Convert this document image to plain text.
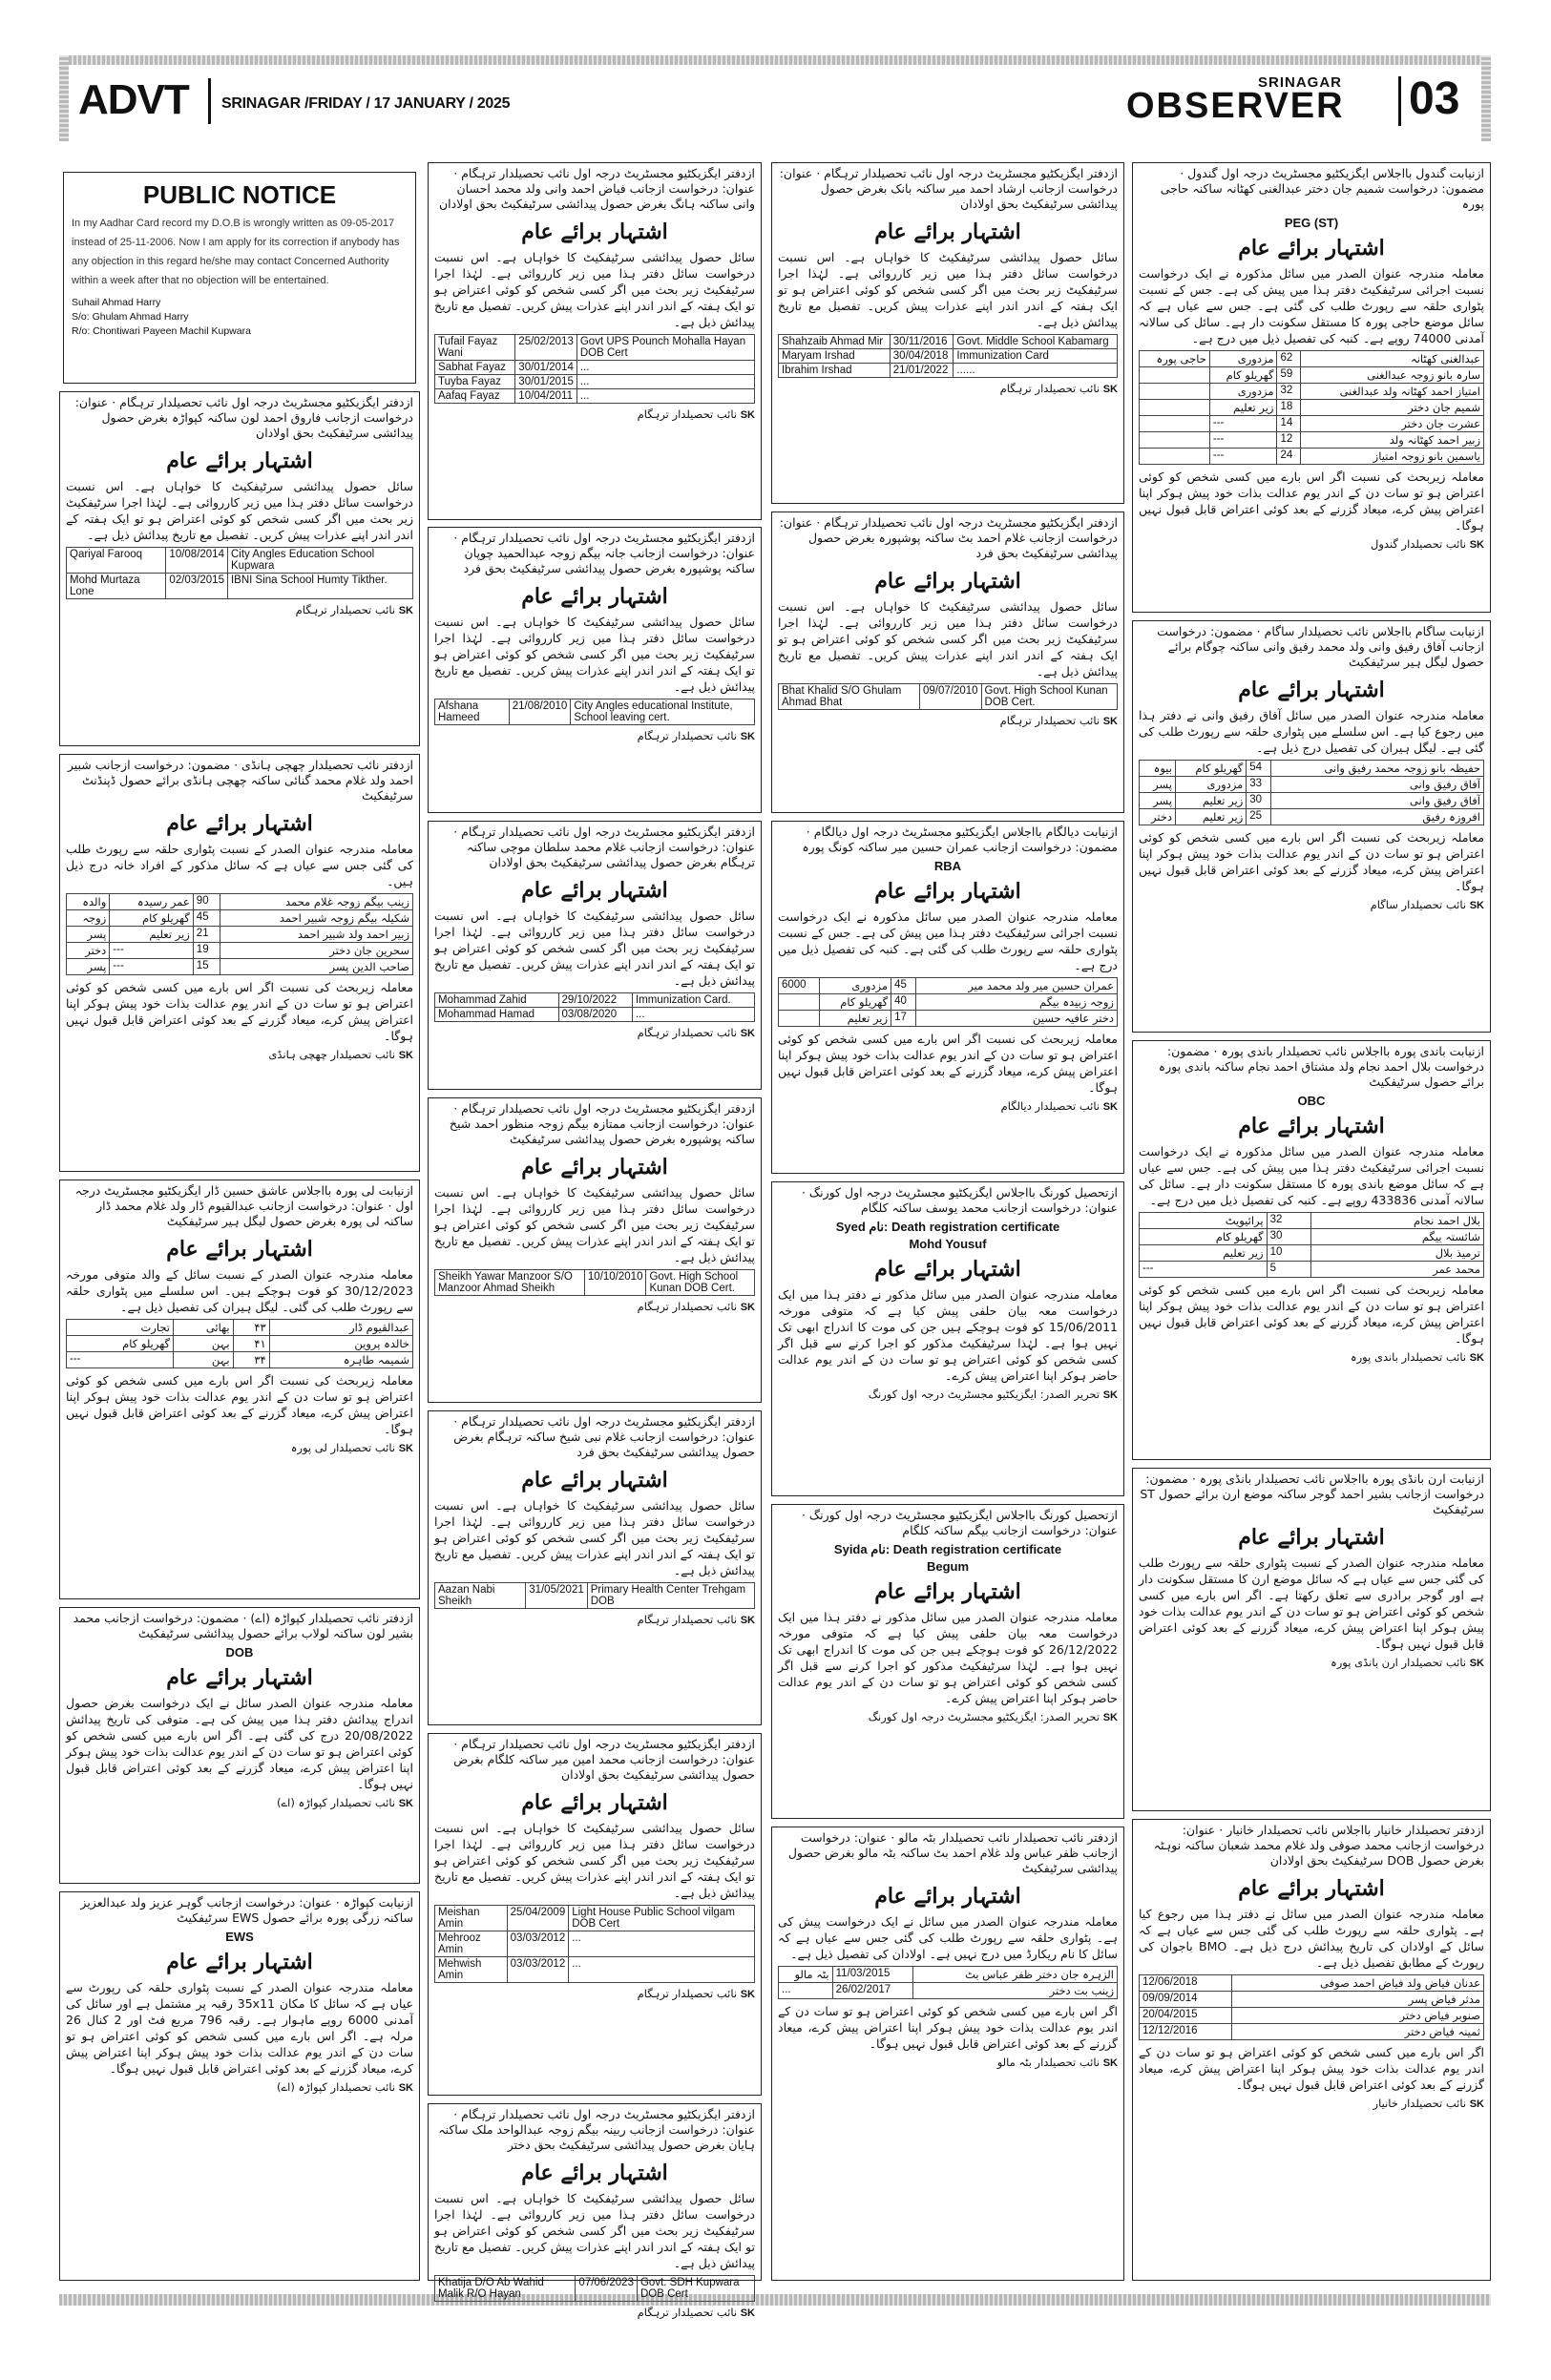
ADVT SRINAGAR /FRIDAY / 17 JANUARY / 2025
SRINAGAR
OBSERVER 03
PUBLIC NOTICE
In my Aadhar Card record my D.O.B is wrongly written as 09-05-2017 instead of 25-11-2006. Now I am apply for its correction if anybody has any objection in this regard he/she may contact Concerned Authority within a week after that no objection will be entertained.
Suhail Ahmad Harry
S/o: Ghulam Ahmad Harry
R/o: Chontiwari Payeen Machil Kupwara
ازدفتر ایگزیکٹیو مجسٹریٹ درجہ اول نائب تحصیلدار ترہگام · عنوان: درخواست ازجانب فاروق احمد لون ساکنہ کپواڑہ بغرض حصول پیدائشی سرٹیفکیٹ بحق اولادان
اشتہار برائے عام
سائل حصول پیدائشی سرٹیفکیٹ کا خواہاں ہے۔ اس نسبت درخواست سائل دفتر ہذا میں زیر کارروائی ہے۔ لہٰذا اجرا سرٹیفکیٹ زیر بحث میں اگر کسی شخص کو کوئی اعتراض ہو تو ایک ہفتہ کے اندر اندر اپنے عذرات پیش کریں۔ تفصیل مع تاریخ پیدائش ذیل ہے۔
Qariyal Farooq	10/08/2014	City Angles Education School Kupwara
Mohd Murtaza Lone	02/03/2015	IBNI Sina School Humty Tikther.
SK نائب تحصیلدار ترہگام
ازدفتر ایگزیکٹیو مجسٹریٹ درجہ اول نائب تحصیلدار ترہگام · عنوان: درخواست ازجانب فیاض احمد وانی ولد محمد احسان وانی ساکنہ ہانگ بغرض حصول پیدائشی سرٹیفکیٹ بحق اولادان
اشتہار برائے عام
سائل حصول پیدائشی سرٹیفکیٹ کا خواہاں ہے۔ اس نسبت درخواست سائل دفتر ہذا میں زیر کارروائی ہے۔ لہٰذا اجرا سرٹیفکیٹ زیر بحث میں اگر کسی شخص کو کوئی اعتراض ہو تو ایک ہفتہ کے اندر اندر اپنے عذرات پیش کریں۔ تفصیل مع تاریخ پیدائش ذیل ہے۔
Tufail Fayaz Wani	25/02/2013	Govt UPS Pounch Mohalla Hayan DOB Cert
Sabhat Fayaz	30/01/2014	...
Tuyba Fayaz	30/01/2015	...
Aafaq Fayaz	10/04/2011	...
SK نائب تحصیلدار ترہگام
ازدفتر ایگزیکٹیو مجسٹریٹ درجہ اول نائب تحصیلدار ترہگام · عنوان: درخواست ازجانب ارشاد احمد میر ساکنہ بانک بغرض حصول پیدائشی سرٹیفکیٹ بحق اولادان
اشتہار برائے عام
سائل حصول پیدائشی سرٹیفکیٹ کا خواہاں ہے۔ اس نسبت درخواست سائل دفتر ہذا میں زیر کارروائی ہے۔ لہٰذا اجرا سرٹیفکیٹ زیر بحث میں اگر کسی شخص کو کوئی اعتراض ہو تو ایک ہفتہ کے اندر اندر اپنے عذرات پیش کریں۔ تفصیل مع تاریخ پیدائش ذیل ہے۔
Shahzaib Ahmad Mir	30/11/2016	Govt. Middle School Kabamarg
Maryam Irshad	30/04/2018	Immunization Card
Ibrahim Irshad	21/01/2022	......
SK نائب تحصیلدار ترہگام
ازنیابت گندول بااجلاس ایگزیکٹیو مجسٹریٹ درجہ اول گندول · مضمون: درخواست شمیم جان دختر عبدالغنی کھٹانہ ساکنہ حاجی پورہ
PEG (ST)
اشتہار برائے عام
معاملہ مندرجہ عنوان الصدر میں سائل مذکورہ نے ایک درخواست نسبت اجرائی سرٹیفکیٹ دفتر ہذا میں پیش کی ہے۔ جس کے نسبت پٹواری حلقہ سے رپورٹ طلب کی گئی ہے۔ جس سے عیاں ہے کہ سائل موضع حاجی پورہ کا مستقل سکونت دار ہے۔ سائل کی سالانہ آمدنی 74000 روپے ہے۔ کنبہ کی تفصیل ذیل میں درج ہے۔
عبدالغنی کھٹانہ	62	مزدوری	حاجی پورہ
سارہ بانو زوجہ عبدالغنی	59	گھریلو کام	
امتیاز احمد کھٹانہ ولد عبدالغنی	32	مزدوری	
شمیم جان دختر	18	زیر تعلیم	
عشرت جان دختر	14	---	
زبیر احمد کھٹانہ ولد	12	---	
یاسمین بانو زوجہ امتیاز	24	---	
معاملہ زیربحث کی نسبت اگر اس بارے میں کسی شخص کو کوئی اعتراض ہو تو سات دن کے اندر یوم عدالت بذات خود پیش ہوکر اپنا اعتراض پیش کرے، میعاد گزرنے کے بعد کوئی اعتراض قابل قبول نہیں ہوگا۔
SK نائب تحصیلدار گندول
ازدفتر ایگزیکٹیو مجسٹریٹ درجہ اول نائب تحصیلدار ترہگام · عنوان: درخواست ازجانب جانہ بیگم زوجہ عبدالحمید چوپان ساکنہ پوشپورہ بغرض حصول پیدائشی سرٹیفکیٹ بحق فرد
اشتہار برائے عام
سائل حصول پیدائشی سرٹیفکیٹ کا خواہاں ہے۔ اس نسبت درخواست سائل دفتر ہذا میں زیر کارروائی ہے۔ لہٰذا اجرا سرٹیفکیٹ زیر بحث میں اگر کسی شخص کو کوئی اعتراض ہو تو ایک ہفتہ کے اندر اندر اپنے عذرات پیش کریں۔ تفصیل مع تاریخ پیدائش ذیل ہے۔
Afshana Hameed	21/08/2010	City Angles educational Institute, School leaving cert.
SK نائب تحصیلدار ترہگام
ازدفتر ایگزیکٹیو مجسٹریٹ درجہ اول نائب تحصیلدار ترہگام · عنوان: درخواست ازجانب غلام احمد بٹ ساکنہ پوشپورہ بغرض حصول پیدائشی سرٹیفکیٹ بحق فرد
اشتہار برائے عام
سائل حصول پیدائشی سرٹیفکیٹ کا خواہاں ہے۔ اس نسبت درخواست سائل دفتر ہذا میں زیر کارروائی ہے۔ لہٰذا اجرا سرٹیفکیٹ زیر بحث میں اگر کسی شخص کو کوئی اعتراض ہو تو ایک ہفتہ کے اندر اندر اپنے عذرات پیش کریں۔ تفصیل مع تاریخ پیدائش ذیل ہے۔
Bhat Khalid S/O Ghulam Ahmad Bhat	09/07/2010	Govt. High School Kunan DOB Cert.
SK نائب تحصیلدار ترہگام
ازنیابت ساگام بااجلاس نائب تحصیلدار ساگام · مضمون: درخواست ازجانب آفاق رفیق وانی ولد محمد رفیق وانی ساکنہ چوگام برائے حصول لیگل ہیر سرٹیفکیٹ
اشتہار برائے عام
معاملہ مندرجہ عنوان الصدر میں سائل آفاق رفیق وانی نے دفتر ہذا میں رجوع کیا ہے۔ اس سلسلے میں پٹواری حلقہ سے رپورٹ طلب کی گئی ہے۔ لیگل ہیران کی تفصیل درج ذیل ہے۔
حفیظہ بانو زوجہ محمد رفیق وانی	54	گھریلو کام	بیوہ
آفاق رفیق وانی	33	مزدوری	پسر
آفاق رفیق وانی	30	زیر تعلیم	پسر
افروزہ رفیق	25	زیر تعلیم	دختر
معاملہ زیربحث کی نسبت اگر اس بارے میں کسی شخص کو کوئی اعتراض ہو تو سات دن کے اندر یوم عدالت بذات خود پیش ہوکر اپنا اعتراض پیش کرے، میعاد گزرنے کے بعد کوئی اعتراض قابل قبول نہیں ہوگا۔
SK نائب تحصیلدار ساگام
ازدفتر نائب تحصیلدار چھچی ہانڈی · مضمون: درخواست ازجانب شبیر احمد ولد غلام محمد گنائی ساکنہ چھچی ہانڈی برائے حصول ڈپنڈنٹ سرٹیفکیٹ
اشتہار برائے عام
معاملہ مندرجہ عنوان الصدر کے نسبت پٹواری حلقہ سے رپورٹ طلب کی گئی جس سے عیاں ہے کہ سائل مذکور کے افراد خانہ درج ذیل ہیں۔
زینب بیگم زوجہ غلام محمد	90	عمر رسیدہ	والدہ
شکیلہ بیگم زوجہ شبیر احمد	45	گھریلو کام	زوجہ
زبیر احمد ولد شبیر احمد	21	زیر تعلیم	پسر
سحرین جان دختر	19	---	دختر
صاحب الدین پسر	15	---	پسر
معاملہ زیربحث کی نسبت اگر اس بارے میں کسی شخص کو کوئی اعتراض ہو تو سات دن کے اندر یوم عدالت بذات خود پیش ہوکر اپنا اعتراض پیش کرے، میعاد گزرنے کے بعد کوئی اعتراض قابل قبول نہیں ہوگا۔
SK نائب تحصیلدار چھچی ہانڈی
ازدفتر ایگزیکٹیو مجسٹریٹ درجہ اول نائب تحصیلدار ترہگام · عنوان: درخواست ازجانب غلام محمد سلطان موچی ساکنہ ترہگام بغرض حصول پیدائشی سرٹیفکیٹ بحق اولادان
اشتہار برائے عام
سائل حصول پیدائشی سرٹیفکیٹ کا خواہاں ہے۔ اس نسبت درخواست سائل دفتر ہذا میں زیر کارروائی ہے۔ لہٰذا اجرا سرٹیفکیٹ زیر بحث میں اگر کسی شخص کو کوئی اعتراض ہو تو ایک ہفتہ کے اندر اندر اپنے عذرات پیش کریں۔ تفصیل مع تاریخ پیدائش ذیل ہے۔
Mohammad Zahid	29/10/2022	Immunization Card.
Mohammad Hamad	03/08/2020	...
SK نائب تحصیلدار ترہگام
ازنیابت دیالگام بااجلاس ایگزیکٹیو مجسٹریٹ درجہ اول دیالگام · مضمون: درخواست ازجانب عمران حسین میر ساکنہ کونگ پورہ
RBA
اشتہار برائے عام
معاملہ مندرجہ عنوان الصدر میں سائل مذکورہ نے ایک درخواست نسبت اجرائی سرٹیفکیٹ دفتر ہذا میں پیش کی ہے۔ جس کے نسبت پٹواری حلقہ سے رپورٹ طلب کی گئی ہے۔ کنبہ کی تفصیل ذیل میں درج ہے۔
عمران حسین میر ولد محمد میر	45	مزدوری	6000
زوجہ زبیدہ بیگم	40	گھریلو کام	
دختر عافیہ حسین	17	زیر تعلیم	
معاملہ زیربحث کی نسبت اگر اس بارے میں کسی شخص کو کوئی اعتراض ہو تو سات دن کے اندر یوم عدالت بذات خود پیش ہوکر اپنا اعتراض پیش کرے، میعاد گزرنے کے بعد کوئی اعتراض قابل قبول نہیں ہوگا۔
SK نائب تحصیلدار دیالگام
ازنیابت باندی پورہ بااجلاس نائب تحصیلدار باندی پورہ · مضمون: درخواست بلال احمد نجام ولد مشتاق احمد نجام ساکنہ باندی پورہ برائے حصول سرٹیفکیٹ
OBC
اشتہار برائے عام
معاملہ مندرجہ عنوان الصدر میں سائل مذکورہ نے ایک درخواست نسبت اجرائی سرٹیفکیٹ دفتر ہذا میں پیش کی ہے۔ جس سے عیاں ہے کہ سائل موضع باندی پورہ کا مستقل سکونت دار ہے۔ سائل کی سالانہ آمدنی 433836 روپے ہے۔ کنبہ کی تفصیل ذیل میں درج ہے۔
بلال احمد نجام	32	پرائیویٹ
شائستہ بیگم	30	گھریلو کام
ترمیذ بلال	10	زیر تعلیم
محمد عمر	5	---
معاملہ زیربحث کی نسبت اگر اس بارے میں کسی شخص کو کوئی اعتراض ہو تو سات دن کے اندر یوم عدالت بذات خود پیش ہوکر اپنا اعتراض پیش کرے، میعاد گزرنے کے بعد کوئی اعتراض قابل قبول نہیں ہوگا۔
SK نائب تحصیلدار باندی پورہ
ازنیابت لی پورہ بااجلاس عاشق حسین ڈار ایگزیکٹیو مجسٹریٹ درجہ اول · عنوان: درخواست ازجانب عبدالقیوم ڈار ولد غلام محمد ڈار ساکنہ لی پورہ بغرض حصول لیگل ہیر سرٹیفکیٹ
اشتہار برائے عام
معاملہ مندرجہ عنوان الصدر کے نسبت سائل کے والد متوفی مورخہ 30/12/2023 کو فوت ہوچکے ہیں۔ اس سلسلے میں پٹواری حلقہ سے رپورٹ طلب کی گئی۔ لیگل ہیران کی تفصیل ذیل ہے۔
عبدالقیوم ڈار	۴۳	بھائی	تجارت
خالدہ پروین	۴۱	بہن	گھریلو کام
شمیمہ طاہرہ	۳۴	بہن	---
معاملہ زیربحث کی نسبت اگر اس بارے میں کسی شخص کو کوئی اعتراض ہو تو سات دن کے اندر یوم عدالت بذات خود پیش ہوکر اپنا اعتراض پیش کرے، میعاد گزرنے کے بعد کوئی اعتراض قابل قبول نہیں ہوگا۔
SK نائب تحصیلدار لی پورہ
ازدفتر ایگزیکٹیو مجسٹریٹ درجہ اول نائب تحصیلدار ترہگام · عنوان: درخواست ازجانب ممتازہ بیگم زوجہ منظور احمد شیخ ساکنہ پوشپورہ بغرض حصول پیدائشی سرٹیفکیٹ
اشتہار برائے عام
سائل حصول پیدائشی سرٹیفکیٹ کا خواہاں ہے۔ اس نسبت درخواست سائل دفتر ہذا میں زیر کارروائی ہے۔ لہٰذا اجرا سرٹیفکیٹ زیر بحث میں اگر کسی شخص کو کوئی اعتراض ہو تو ایک ہفتہ کے اندر اندر اپنے عذرات پیش کریں۔ تفصیل مع تاریخ پیدائش ذیل ہے۔
Sheikh Yawar Manzoor S/O Manzoor Ahmad Sheikh	10/10/2010	Govt. High School Kunan DOB Cert.
SK نائب تحصیلدار ترہگام
ازتحصیل کورنگ بااجلاس ایگزیکٹیو مجسٹریٹ درجہ اول کورنگ · عنوان: درخواست ازجانب محمد یوسف ساکنہ کلگام
Syed نام: Death registration certificate
Mohd Yousuf
اشتہار برائے عام
معاملہ مندرجہ عنوان الصدر میں سائل مذکور نے دفتر ہذا میں ایک درخواست معہ بیان حلفی پیش کیا ہے کہ متوفی مورخہ 15/06/2011 کو فوت ہوچکے ہیں جن کی موت کا اندراج ابھی تک نہیں ہوا ہے۔ لہٰذا سرٹیفکیٹ مذکور کو اجرا کرنے سے قبل اگر کسی شخص کو کوئی اعتراض ہو تو سات دن کے اندر یوم عدالت حاضر ہوکر اپنا اعتراض پیش کرے۔
SK تحریر الصدر: ایگزیکٹیو مجسٹریٹ درجہ اول کورنگ
ازدفتر ایگزیکٹیو مجسٹریٹ درجہ اول نائب تحصیلدار ترہگام · عنوان: درخواست ازجانب غلام نبی شیخ ساکنہ ترہگام بغرض حصول پیدائشی سرٹیفکیٹ بحق فرد
اشتہار برائے عام
سائل حصول پیدائشی سرٹیفکیٹ کا خواہاں ہے۔ اس نسبت درخواست سائل دفتر ہذا میں زیر کارروائی ہے۔ لہٰذا اجرا سرٹیفکیٹ زیر بحث میں اگر کسی شخص کو کوئی اعتراض ہو تو ایک ہفتہ کے اندر اندر اپنے عذرات پیش کریں۔ تفصیل مع تاریخ پیدائش ذیل ہے۔
Aazan Nabi Sheikh	31/05/2021	Primary Health Center Trehgam DOB
SK نائب تحصیلدار ترہگام
ازتحصیل کورنگ بااجلاس ایگزیکٹیو مجسٹریٹ درجہ اول کورنگ · عنوان: درخواست ازجانب بیگم ساکنہ کلگام
Syida نام: Death registration certificate
Begum
اشتہار برائے عام
معاملہ مندرجہ عنوان الصدر میں سائل مذکور نے دفتر ہذا میں ایک درخواست معہ بیان حلفی پیش کیا ہے کہ متوفی مورخہ 26/12/2022 کو فوت ہوچکے ہیں جن کی موت کا اندراج ابھی تک نہیں ہوا ہے۔ لہٰذا سرٹیفکیٹ مذکور کو اجرا کرنے سے قبل اگر کسی شخص کو کوئی اعتراض ہو تو سات دن کے اندر یوم عدالت حاضر ہوکر اپنا اعتراض پیش کرے۔
SK تحریر الصدر: ایگزیکٹیو مجسٹریٹ درجہ اول کورنگ
ازنیابت ارن بانڈی پورہ بااجلاس نائب تحصیلدار بانڈی پورہ · مضمون: درخواست ازجانب بشیر احمد گوجر ساکنہ موضع ارن برائے حصول ST سرٹیفکیٹ
اشتہار برائے عام
معاملہ مندرجہ عنوان الصدر کے نسبت پٹواری حلقہ سے رپورٹ طلب کی گئی جس سے عیاں ہے کہ سائل موضع ارن کا مستقل سکونت دار ہے اور گوجر برادری سے تعلق رکھتا ہے۔ اگر اس بارے میں کسی شخص کو کوئی اعتراض ہو تو سات دن کے اندر یوم عدالت بذات خود پیش ہوکر اپنا اعتراض پیش کرے، میعاد گزرنے کے بعد کوئی اعتراض قابل قبول نہیں ہوگا۔
SK نائب تحصیلدار ارن بانڈی پورہ
ازدفتر نائب تحصیلدار کپواڑہ (اے) · مضمون: درخواست ازجانب محمد بشیر لون ساکنہ لولاب برائے حصول پیدائشی سرٹیفکیٹ
DOB
اشتہار برائے عام
معاملہ مندرجہ عنوان الصدر سائل نے ایک درخواست بغرض حصول اندراج پیدائش دفتر ہذا میں پیش کی ہے۔ متوفی کی تاریخ پیدائش 20/08/2022 درج کی گئی ہے۔ اگر اس بارے میں کسی شخص کو کوئی اعتراض ہو تو سات دن کے اندر یوم عدالت بذات خود پیش ہوکر اپنا اعتراض پیش کرے، میعاد گزرنے کے بعد کوئی اعتراض قابل قبول نہیں ہوگا۔
SK نائب تحصیلدار کپواڑہ (اے)
ازدفتر ایگزیکٹیو مجسٹریٹ درجہ اول نائب تحصیلدار ترہگام · عنوان: درخواست ازجانب محمد امین میر ساکنہ کلگام بغرض حصول پیدائشی سرٹیفکیٹ بحق اولادان
اشتہار برائے عام
سائل حصول پیدائشی سرٹیفکیٹ کا خواہاں ہے۔ اس نسبت درخواست سائل دفتر ہذا میں زیر کارروائی ہے۔ لہٰذا اجرا سرٹیفکیٹ زیر بحث میں اگر کسی شخص کو کوئی اعتراض ہو تو ایک ہفتہ کے اندر اندر اپنے عذرات پیش کریں۔ تفصیل مع تاریخ پیدائش ذیل ہے۔
Meishan Amin	25/04/2009	Light House Public School vilgam DOB Cert
Mehrooz Amin	03/03/2012	...
Mehwish Amin	03/03/2012	...
SK نائب تحصیلدار ترہگام
ازدفتر نائب تحصیلدار نائب تحصیلدار بٹہ مالو · عنوان: درخواست ازجانب ظفر عباس ولد غلام احمد بٹ ساکنہ بٹہ مالو بغرض حصول پیدائشی سرٹیفکیٹ
اشتہار برائے عام
معاملہ مندرجہ عنوان الصدر میں سائل نے ایک درخواست پیش کی ہے۔ پٹواری حلقہ سے رپورٹ طلب کی گئی جس سے عیاں ہے کہ سائل کا نام ریکارڈ میں درج نہیں ہے۔ اولادان کی تفصیل ذیل ہے۔
الزہرہ جان دختر ظفر عباس بٹ	11/03/2015	بٹہ مالو
زینب بت دختر	26/02/2017	...
اگر اس بارے میں کسی شخص کو کوئی اعتراض ہو تو سات دن کے اندر یوم عدالت بذات خود پیش ہوکر اپنا اعتراض پیش کرے، میعاد گزرنے کے بعد کوئی اعتراض قابل قبول نہیں ہوگا۔
SK نائب تحصیلدار بٹہ مالو
ازدفتر تحصیلدار خانیار بااجلاس نائب تحصیلدار خانیار · عنوان: درخواست ازجانب محمد صوفی ولد غلام محمد شعبان ساکنہ نوہٹہ بغرض حصول DOB سرٹیفکیٹ بحق اولادان
اشتہار برائے عام
معاملہ مندرجہ عنوان الصدر میں سائل نے دفتر ہذا میں رجوع کیا ہے۔ پٹواری حلقہ سے رپورٹ طلب کی گئی جس سے عیاں ہے کہ سائل کے اولادان کی تاریخ پیدائش درج ذیل ہے۔ BMO باجوان کی رپورٹ کے مطابق تفصیل ذیل ہے۔
عدنان فیاض ولد فیاض احمد صوفی	12/06/2018
مدثر فیاض پسر	09/09/2014
صنوبر فیاض دختر	20/04/2015
ثمینہ فیاض دختر	12/12/2016
اگر اس بارے میں کسی شخص کو کوئی اعتراض ہو تو سات دن کے اندر یوم عدالت بذات خود پیش ہوکر اپنا اعتراض پیش کرے، میعاد گزرنے کے بعد کوئی اعتراض قابل قبول نہیں ہوگا۔
SK نائب تحصیلدار خانیار
ازنیابت کپواڑہ · عنوان: درخواست ازجانب گوہر عزیز ولد عبدالعزیز ساکنہ زرگی پورہ برائے حصول EWS سرٹیفکیٹ
EWS
اشتہار برائے عام
معاملہ مندرجہ عنوان الصدر کے نسبت پٹواری حلقہ کی رپورٹ سے عیاں ہے کہ سائل کا مکان 35x11 رقبہ پر مشتمل ہے اور سائل کی آمدنی 6000 روپے ماہوار ہے۔ رقبہ 796 مربع فٹ اور 2 کنال 26 مرلہ ہے۔ اگر اس بارے میں کسی شخص کو کوئی اعتراض ہو تو سات دن کے اندر یوم عدالت بذات خود پیش ہوکر اپنا اعتراض پیش کرے، میعاد گزرنے کے بعد کوئی اعتراض قابل قبول نہیں ہوگا۔
SK نائب تحصیلدار کپواڑہ (اے)
ازدفتر ایگزیکٹیو مجسٹریٹ درجہ اول نائب تحصیلدار ترہگام · عنوان: درخواست ازجانب ربینہ بیگم زوجہ عبدالواحد ملک ساکنہ ہایان بغرض حصول پیدائشی سرٹیفکیٹ بحق دختر
اشتہار برائے عام
سائل حصول پیدائشی سرٹیفکیٹ کا خواہاں ہے۔ اس نسبت درخواست سائل دفتر ہذا میں زیر کارروائی ہے۔ لہٰذا اجرا سرٹیفکیٹ زیر بحث میں اگر کسی شخص کو کوئی اعتراض ہو تو ایک ہفتہ کے اندر اندر اپنے عذرات پیش کریں۔ تفصیل مع تاریخ پیدائش ذیل ہے۔
Khatija D/O Ab Wahid Malik R/O Hayan	07/06/2023	Govt. SDH Kupwara DOB Cert
SK نائب تحصیلدار ترہگام
